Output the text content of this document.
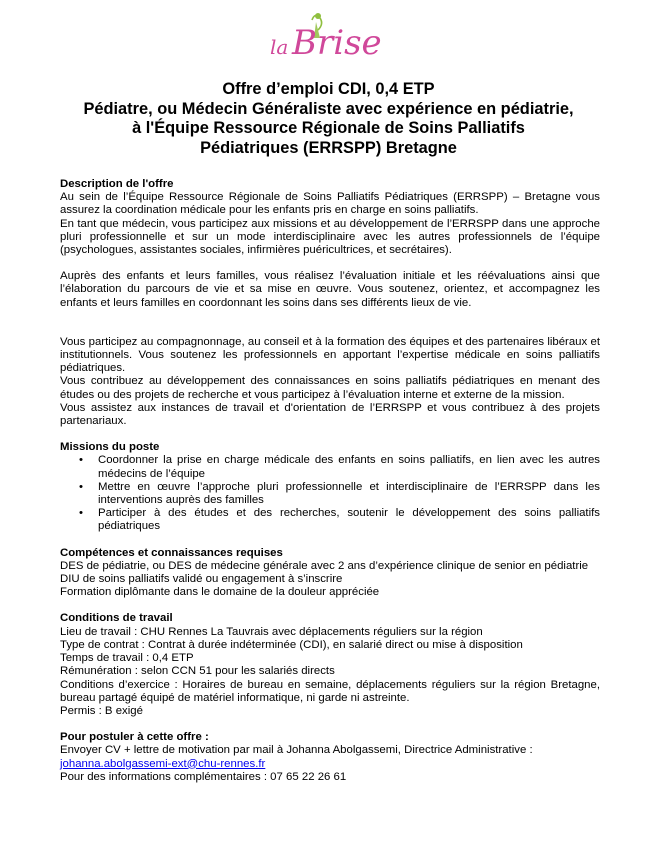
la Brise
Offre d’emploi CDI, 0,4 ETP
Pédiatre, ou Médecin Généraliste avec expérience en pédiatrie,
à l'Équipe Ressource Régionale de Soins Palliatifs
Pédiatriques (ERRSPP) Bretagne

Description de l'offre

Au sein de l’Équipe Ressource Régionale de Soins Palliatifs Pédiatriques (ERRSPP) – Bretagne vous assurez la coordination médicale pour les enfants pris en charge en soins palliatifs.

En tant que médecin, vous participez aux missions et au développement de l’ERRSPP dans une approche pluri professionnelle et sur un mode interdisciplinaire avec les autres professionnels de l’équipe (psychologues, assistantes sociales, infirmières puéricultrices, et secrétaires).

Auprès des enfants et leurs familles, vous réalisez l’évaluation initiale et les réévaluations ainsi que l’élaboration du parcours de vie et sa mise en œuvre. Vous soutenez, orientez, et accompagnez les enfants et leurs familles en coordonnant les soins dans ses différents lieux de vie.

Vous participez au compagnonnage, au conseil et à la formation des équipes et des partenaires libéraux et institutionnels. Vous soutenez les professionnels en apportant l’expertise médicale en soins palliatifs pédiatriques.

Vous contribuez au développement des connaissances en soins palliatifs pédiatriques en menant des études ou des projets de recherche et vous participez à l’évaluation interne et externe de la mission.

Vous assistez aux instances de travail et d'orientation de l’ERRSPP et vous contribuez à des projets partenariaux.

Missions du poste

• Coordonner la prise en charge médicale des enfants en soins palliatifs, en lien avec les autres médecins de l’équipe
• Mettre en œuvre l’approche pluri professionnelle et interdisciplinaire de l’ERRSPP dans les interventions auprès des familles
• Participer à des études et des recherches, soutenir le développement des soins palliatifs pédiatriques

Compétences et connaissances requises

DES de pédiatrie, ou DES de médecine générale avec 2 ans d’expérience clinique de senior en pédiatrie

DIU de soins palliatifs validé ou engagement à s’inscrire

Formation diplômante dans le domaine de la douleur appréciée

Conditions de travail

Lieu de travail : CHU Rennes La Tauvrais avec déplacements réguliers sur la région

Type de contrat : Contrat à durée indéterminée (CDI), en salarié direct ou mise à disposition

Temps de travail : 0,4 ETP

Rémunération : selon CCN 51 pour les salariés directs

Conditions d’exercice : Horaires de bureau en semaine, déplacements réguliers sur la région Bretagne, bureau partagé équipé de matériel informatique, ni garde ni astreinte.

Permis : B exigé

Pour postuler à cette offre :

Envoyer CV + lettre de motivation par mail à Johanna Abolgassemi, Directrice Administrative :

johanna.abolgassemi-ext@chu-rennes.fr

Pour des informations complémentaires : 07 65 22 26 61
